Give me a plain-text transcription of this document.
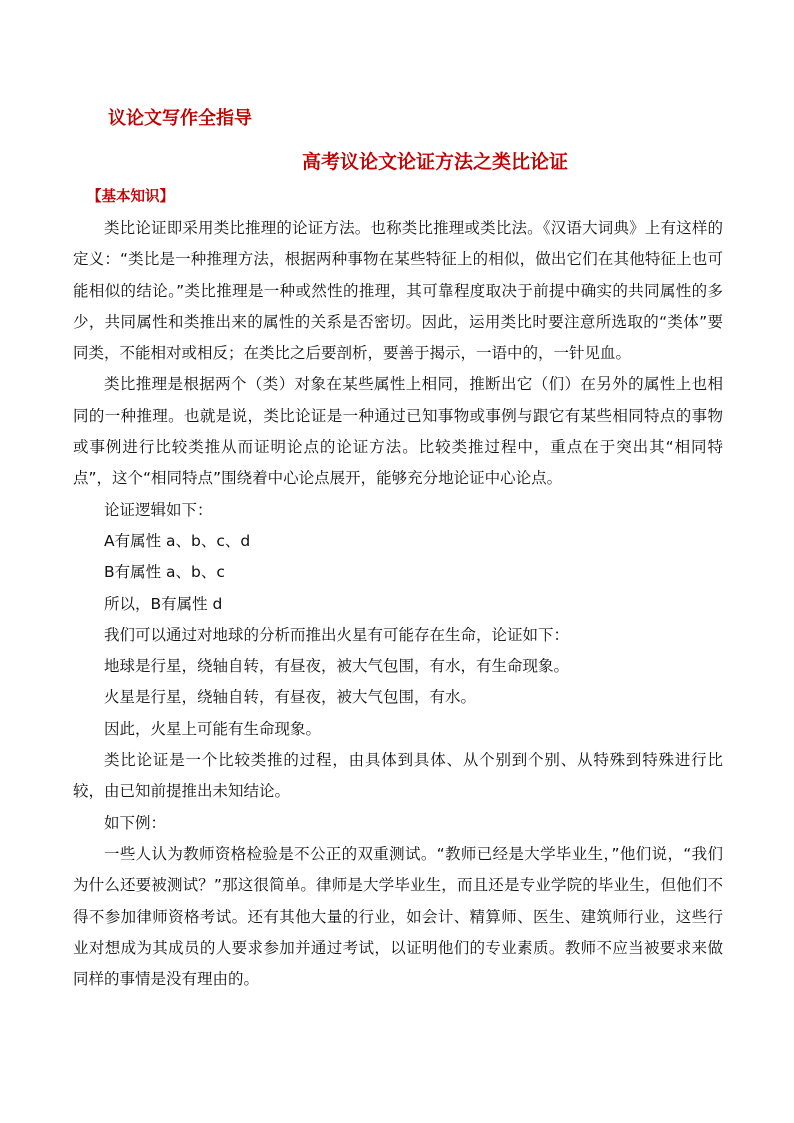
议论文写作全指导
高考议论文论证方法之类比论证
【基本知识】

类比论证即采用类比推理的论证方法。也称类比推理或类比法。《汉语大词典》上有这样的定义：“类比是一种推理方法，根据两种事物在某些特征上的相似，做出它们在其他特征上也可能相似的结论。”类比推理是一种或然性的推理，其可靠程度取决于前提中确实的共同属性的多少，共同属性和类推出来的属性的关系是否密切。因此，运用类比时要注意所选取的“类体”要同类，不能相对或相反；在类比之后要剖析，要善于揭示，一语中的，一针见血。

类比推理是根据两个（类）对象在某些属性上相同，推断出它（们）在另外的属性上也相同的一种推理。也就是说，类比论证是一种通过已知事物或事例与跟它有某些相同特点的事物或事例进行比较类推从而证明论点的论证方法。比较类推过程中，重点在于突出其“相同特点”，这个“相同特点”围绕着中心论点展开，能够充分地论证中心论点。

论证逻辑如下：

A有属性 a、b、c、d

B有属性 a、b、c

所以，B有属性 d

我们可以通过对地球的分析而推出火星有可能存在生命，论证如下：

地球是行星，绕轴自转，有昼夜，被大气包围，有水，有生命现象。

火星是行星，绕轴自转，有昼夜，被大气包围，有水。

因此，火星上可能有生命现象。

类比论证是一个比较类推的过程，由具体到具体、从个别到个别、从特殊到特殊进行比较，由已知前提推出未知结论。

如下例：

一些人认为教师资格检验是不公正的双重测试。“教师已经是大学毕业生，”他们说，“我们为什么还要被测试？”那这很简单。律师是大学毕业生，而且还是专业学院的毕业生，但他们不得不参加律师资格考试。还有其他大量的行业，如会计、精算师、医生、建筑师行业，这些行业对想成为其成员的人要求参加并通过考试，以证明他们的专业素质。教师不应当被要求来做同样的事情是没有理由的。
